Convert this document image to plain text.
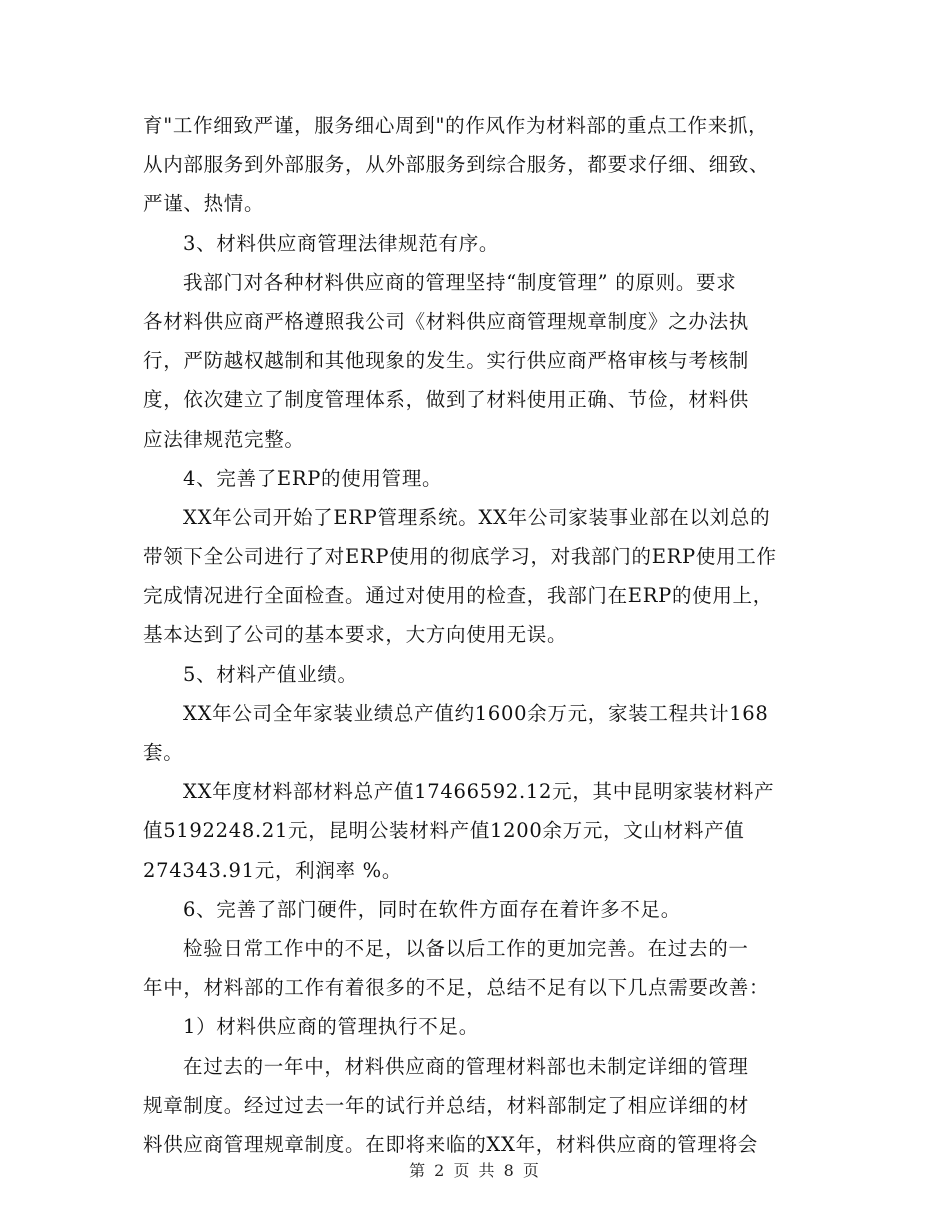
育"工作细致严谨，服务细心周到"的作风作为材料部的重点工作来抓，
从内部服务到外部服务，从外部服务到综合服务，都要求仔细、细致、
严谨、热情。
3、材料供应商管理法律规范有序。
我部门对各种材料供应商的管理坚持“制度管理” 的原则。要求
各材料供应商严格遵照我公司《材料供应商管理规章制度》之办法执
行，严防越权越制和其他现象的发生。实行供应商严格审核与考核制
度，依次建立了制度管理体系，做到了材料使用正确、节俭，材料供
应法律规范完整。
4、完善了ERP的使用管理。
XX年公司开始了ERP管理系统。XX年公司家装事业部在以刘总的
带领下全公司进行了对ERP使用的彻底学习，对我部门的ERP使用工作
完成情况进行全面检查。通过对使用的检查，我部门在ERP的使用上，
基本达到了公司的基本要求，大方向使用无误。
5、材料产值业绩。
XX年公司全年家装业绩总产值约1600余万元，家装工程共计168
套。
XX年度材料部材料总产值17466592.12元，其中昆明家装材料产
值5192248.21元，昆明公装材料产值1200余万元，文山材料产值
274343.91元，利润率 %。
6、完善了部门硬件，同时在软件方面存在着许多不足。
检验日常工作中的不足，以备以后工作的更加完善。在过去的一
年中，材料部的工作有着很多的不足，总结不足有以下几点需要改善：
1）材料供应商的管理执行不足。
在过去的一年中，材料供应商的管理材料部也未制定详细的管理
规章制度。经过过去一年的试行并总结，材料部制定了相应详细的材
料供应商管理规章制度。在即将来临的XX年，材料供应商的管理将会
第 2 页 共 8 页
